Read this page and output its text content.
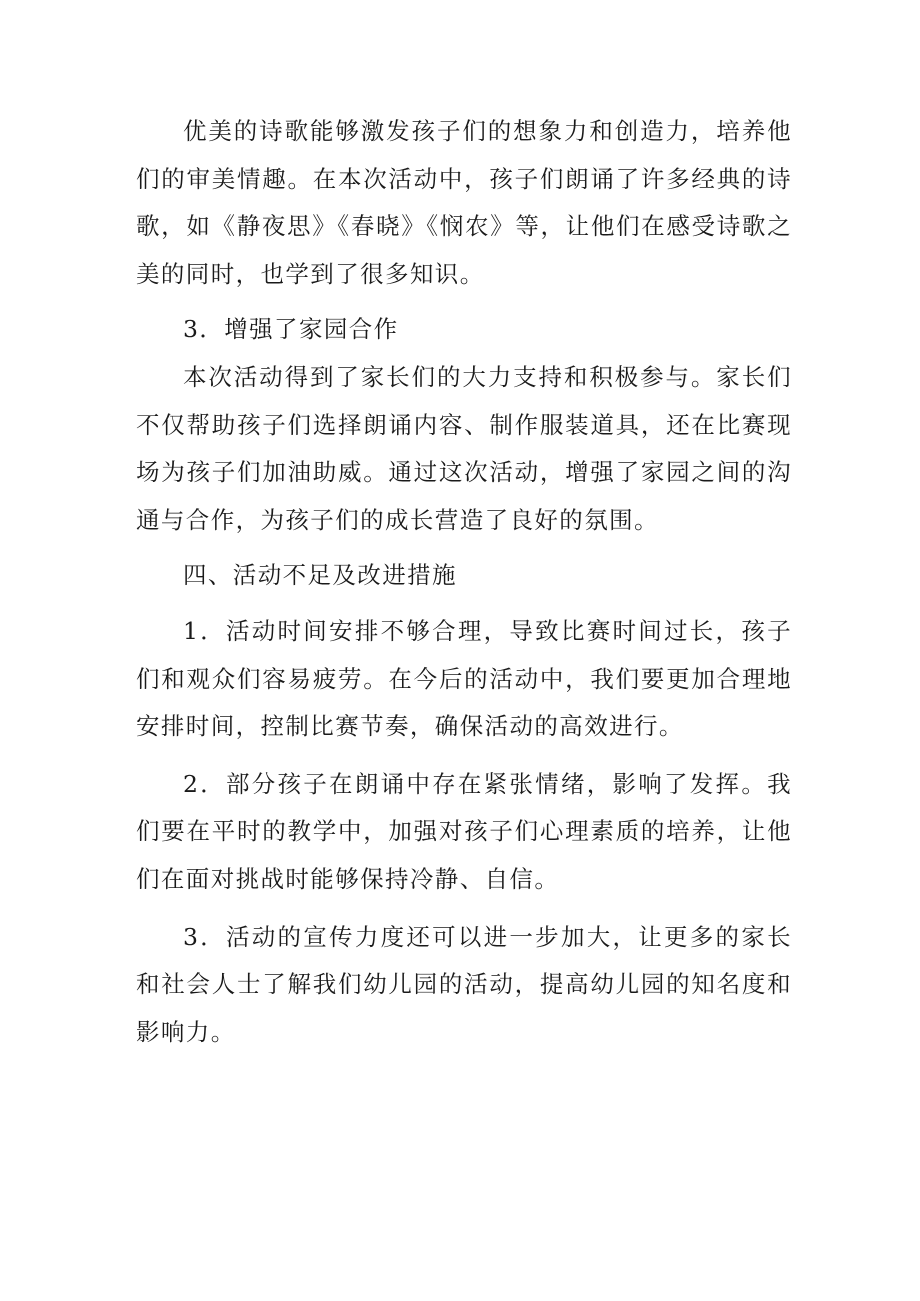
优美的诗歌能够激发孩子们的想象力和创造力，培养他们的审美情趣。在本次活动中，孩子们朗诵了许多经典的诗歌，如《静夜思》《春晓》《悯农》等，让他们在感受诗歌之美的同时，也学到了很多知识。

3．增强了家园合作

本次活动得到了家长们的大力支持和积极参与。家长们不仅帮助孩子们选择朗诵内容、制作服装道具，还在比赛现场为孩子们加油助威。通过这次活动，增强了家园之间的沟通与合作，为孩子们的成长营造了良好的氛围。

四、活动不足及改进措施

1．活动时间安排不够合理，导致比赛时间过长，孩子们和观众们容易疲劳。在今后的活动中，我们要更加合理地安排时间，控制比赛节奏，确保活动的高效进行。

2．部分孩子在朗诵中存在紧张情绪，影响了发挥。我们要在平时的教学中，加强对孩子们心理素质的培养，让他们在面对挑战时能够保持冷静、自信。

3．活动的宣传力度还可以进一步加大，让更多的家长和社会人士了解我们幼儿园的活动，提高幼儿园的知名度和影响力。
